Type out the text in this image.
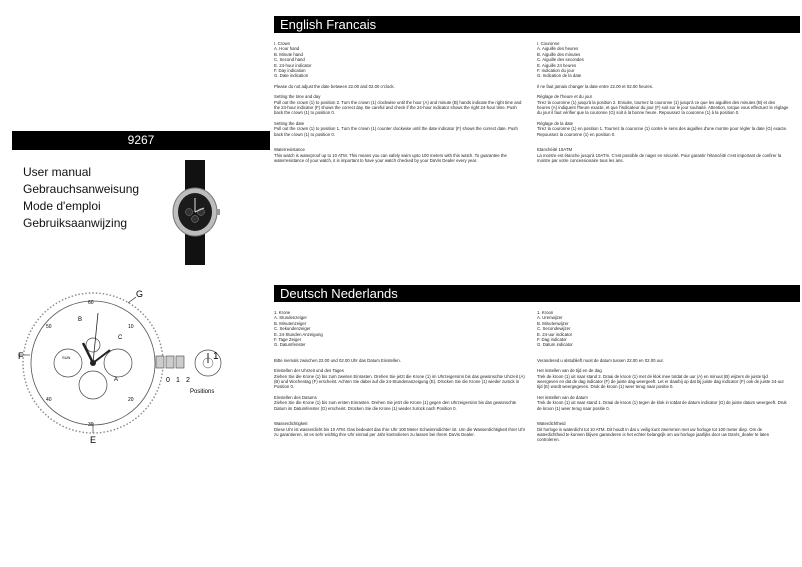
English Francais
Deutsch Nederlands
9267
User manual
Gebrauchsanweisung
Mode d'emploi
Gebruiksaanwijzing
F
G
E
0 1 2
1
Positions
60
10
20
30
40
50
SUN
A
B
C

I. Crown
A. Hour hand
B. Minute hand
C. Second hand
E. 24-hour indicator
F. Day indication
G. Date indication

Please do not adjust the date between 22.00 and 02.00 o'clock.

Setting the time and day
Pull out the crown (1) to position 2. Turn the crown (1) clockwise until the hour (A) and minute (B) hands indicate the right time and the 24-hour indicator (F) shows the correct day. Be careful and check if the 24-hour indicator shows the right 24-hour time. Push back the crown (1) to position 0.

Setting the date
Pull out the crown (1) to position 1. Turn the crown (1) counter clockwise until the date indicator (F) shows the correct date. Push back the crown (1) to position 0.

Waterresistance
This watch is waterproof up to 10 ATM. This means you can safely swim upto 100 meters with this watch. To guarantee the waterresistance of your watch, it is important to have your watch checked by your DaVis Dealer every year.

I. Couronne
A. Aiguille des heures
B. Aiguille des minutes
C. Aiguille des secondes
E. Aiguille 24 heures
F. Indication du jour
G. Indication de la date

Il ne faut jamais changer la date entre 22.00 et 02.00 heures.

Réglage de l'heure et du jour
Tirez la couronne (1) jusqu'à la position 2. Ensuite, tournez la couronne (1) jusqu'à ce que les aiguilles des minutes (B) et des heures (A) indiquent l'heure exacte, et que l'indicateur du jour (F) soit sur le jour souhaité. Attention, torque vous effectuez le réglage du jour il faut vérifier que la couronne (G) soit à la bonne heure. Repoussez la couronne (1) à la position 0.

Réglage de la date
Tirez la couronne (1) en position 1. Tournez la couronne (1) contre le sens des aiguilles d'une montre pour régler la date (G) exacte. Repoussez la couronne (1) en position 0.

Etanchéité 10ATM
La montre est étanche jusqu'à 10ATm. C'est possible de nager en sécurité. Pour garantir l'étancéité c'est important de confirer la montre par votre concessionaire tous les ans.

1. Krone
A. Stundenzeiger
B. Minutenzeiger
C. Sekundenzeiger
E. 24-Stunden Anzeigung
F. Tage Zeiger
G. Datumfenster

Bitte niemals zwischen 22.00 und 02.00 Uhr das Datum Einstellen.

Einstellen der Uhrzeit und des Tages
Ziehen Sie die Krone (1) bis zum zweiten Einrasten. Drehen Sie jetzt die Krone (1) im Uhrzeigersinn bis das gewünschte Uhrzeit (A) (B) und Wochentag (F) erscheint. Achten Sie dabei auf die 24-Stundenanzeigung (E). Drücken Sie die Krone (1) wieder zurück in Position 0.

Einstellen des Datums
Ziehen Sie die Krone (1) bis zum ersten Einrasten. Drehen Sie jetzt die Krone (1) gegen den Uhrzeigersinn bis das gewünschte Datum im Datumfenster (G) erscheint. Drücken Sie die Krone (1) wieder zurück nach Position 0.

Wasserdichtigkeit
Diese Uhr ist wasserdicht bis 10 ATM. Das bedeutet das Ihre Uhr 100 Meter Schwimmdichter ist. Um die Wasserdichtigkeit Ihrer Uhr zu garantieren, ist es sehr wichtig Ihre Uhr einmal per Jahr kontrolieren zu lassen bei Ihrem DaVis Dealer.

1. Kroon
A. Urenwijzer
B. Minutenwijzer
C. Secondewijzer
E. 24-uur indicator
F. Dag indicator
G. Datum indicator

Verandered u alstublieft nooit de datum tussen 22.00 en 02.00 uur.

Het instellen van de tijd en de dag
Trek de kroon (1) uit naar stand 2. Draai de kroon (1) met de klok mee totdat de uur (A) en minuut (B) wijzers de juiste tijd weergeven en dat de dag indicator (F) de juiste dag weergeeft. Let er daarbij op dat bij juiste dag indicator (F) ook de juiste 24-uur tijd (E) wordt weergegeven. Druk de kroon (1) weer terug naar positie 0.

Het instellen van de datum
Trek de kroon (1) uit naar stand 1. Draai de kroon (1) tegen de klok in totdat de datum indicator (G) de juiste datum weergeeft. Druk de kroon (1) weer terug naar positie 0.

Waterdichtheid
Dit horloge is waterdicht tot 10 ATM. Dit houdt in dat u veilig kunt zwemmen met uw horloge tot 100 meter diep. Om de waterdichtheid te kunnen blijven garanderen is het echter belangrijk om uw horloge jaarlijks door uw DaVis_dealer te laten controleren.
